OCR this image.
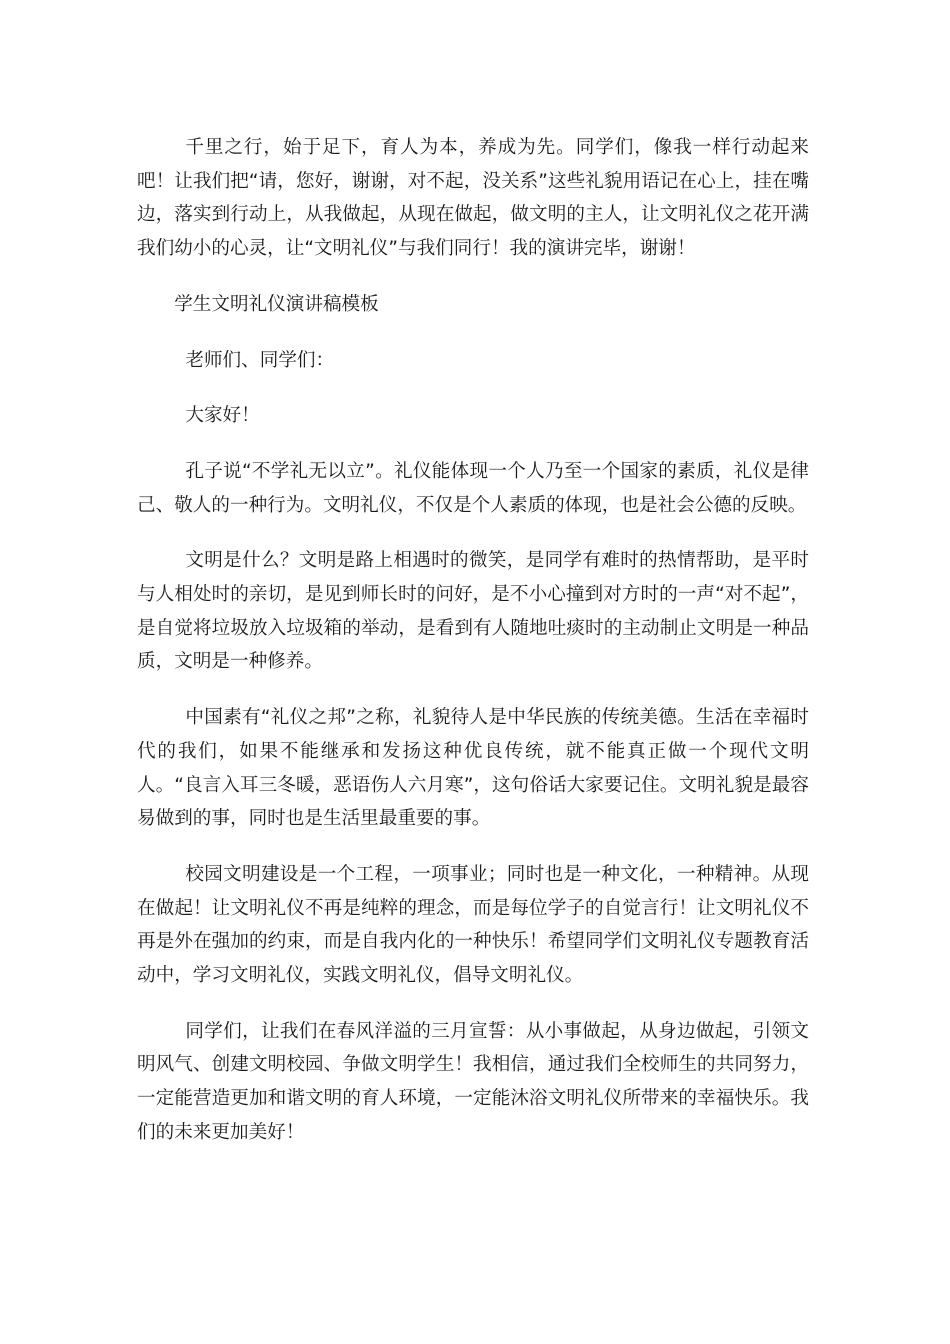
千里之行，始于足下，育人为本，养成为先。同学们，像我一样行动起来吧！让我们把“请，您好，谢谢，对不起，没关系”这些礼貌用语记在心上，挂在嘴边，落实到行动上，从我做起，从现在做起，做文明的主人，让文明礼仪之花开满我们幼小的心灵，让“文明礼仪”与我们同行！我的演讲完毕，谢谢！

学生文明礼仪演讲稿模板

老师们、同学们：

大家好！

孔子说“不学礼无以立”。礼仪能体现一个人乃至一个国家的素质，礼仪是律己、敬人的一种行为。文明礼仪，不仅是个人素质的体现，也是社会公德的反映。

文明是什么？文明是路上相遇时的微笑，是同学有难时的热情帮助，是平时与人相处时的亲切，是见到师长时的问好，是不小心撞到对方时的一声“对不起”，是自觉将垃圾放入垃圾箱的举动，是看到有人随地吐痰时的主动制止文明是一种品质，文明是一种修养。

中国素有“礼仪之邦”之称，礼貌待人是中华民族的传统美德。生活在幸福时代的我们，如果不能继承和发扬这种优良传统，就不能真正做一个现代文明人。“良言入耳三冬暖，恶语伤人六月寒”，这句俗话大家要记住。文明礼貌是最容易做到的事，同时也是生活里最重要的事。

校园文明建设是一个工程，一项事业；同时也是一种文化，一种精神。从现在做起！让文明礼仪不再是纯粹的理念，而是每位学子的自觉言行！让文明礼仪不再是外在强加的约束，而是自我内化的一种快乐！希望同学们文明礼仪专题教育活动中，学习文明礼仪，实践文明礼仪，倡导文明礼仪。

同学们，让我们在春风洋溢的三月宣誓：从小事做起，从身边做起，引领文明风气、创建文明校园、争做文明学生！我相信，通过我们全校师生的共同努力，一定能营造更加和谐文明的育人环境，一定能沐浴文明礼仪所带来的幸福快乐。我们的未来更加美好！
